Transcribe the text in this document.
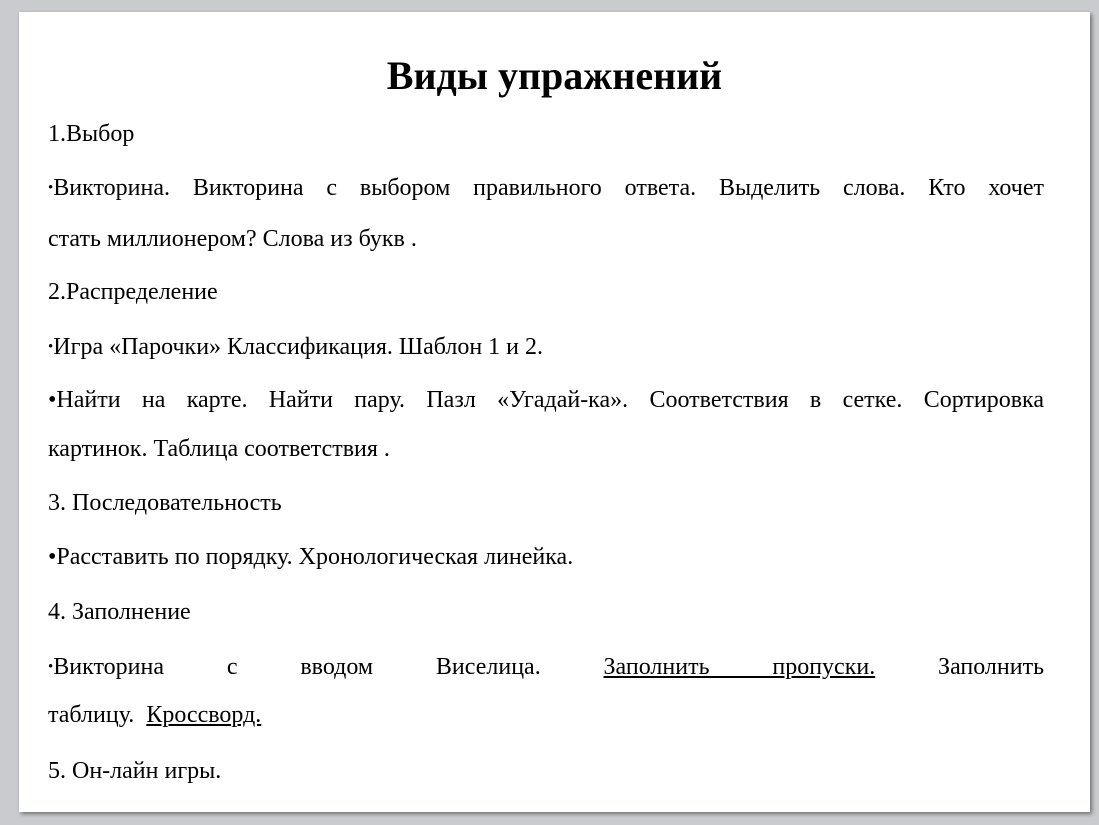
Виды упражнений
1.Выбор
•Викторина. Викторина с выбором правильного ответа. Выделить слова. Кто хочет
стать миллионером? Слова из букв .
2.Распределение
•Игра «Парочки» Классификация. Шаблон 1 и 2.
•Найти на карте. Найти пару. Пазл «Угадай-ка». Соответствия в сетке. Сортировка
картинок. Таблица соответствия .
3. Последовательность
•Расставить по порядку. Хронологическая линейка.
4. Заполнение
•Викторина	с	вводом	Виселица.	Заполнить пропуски.	Заполнить
таблицу.  Кроссворд.
5. Он-лайн игры.
